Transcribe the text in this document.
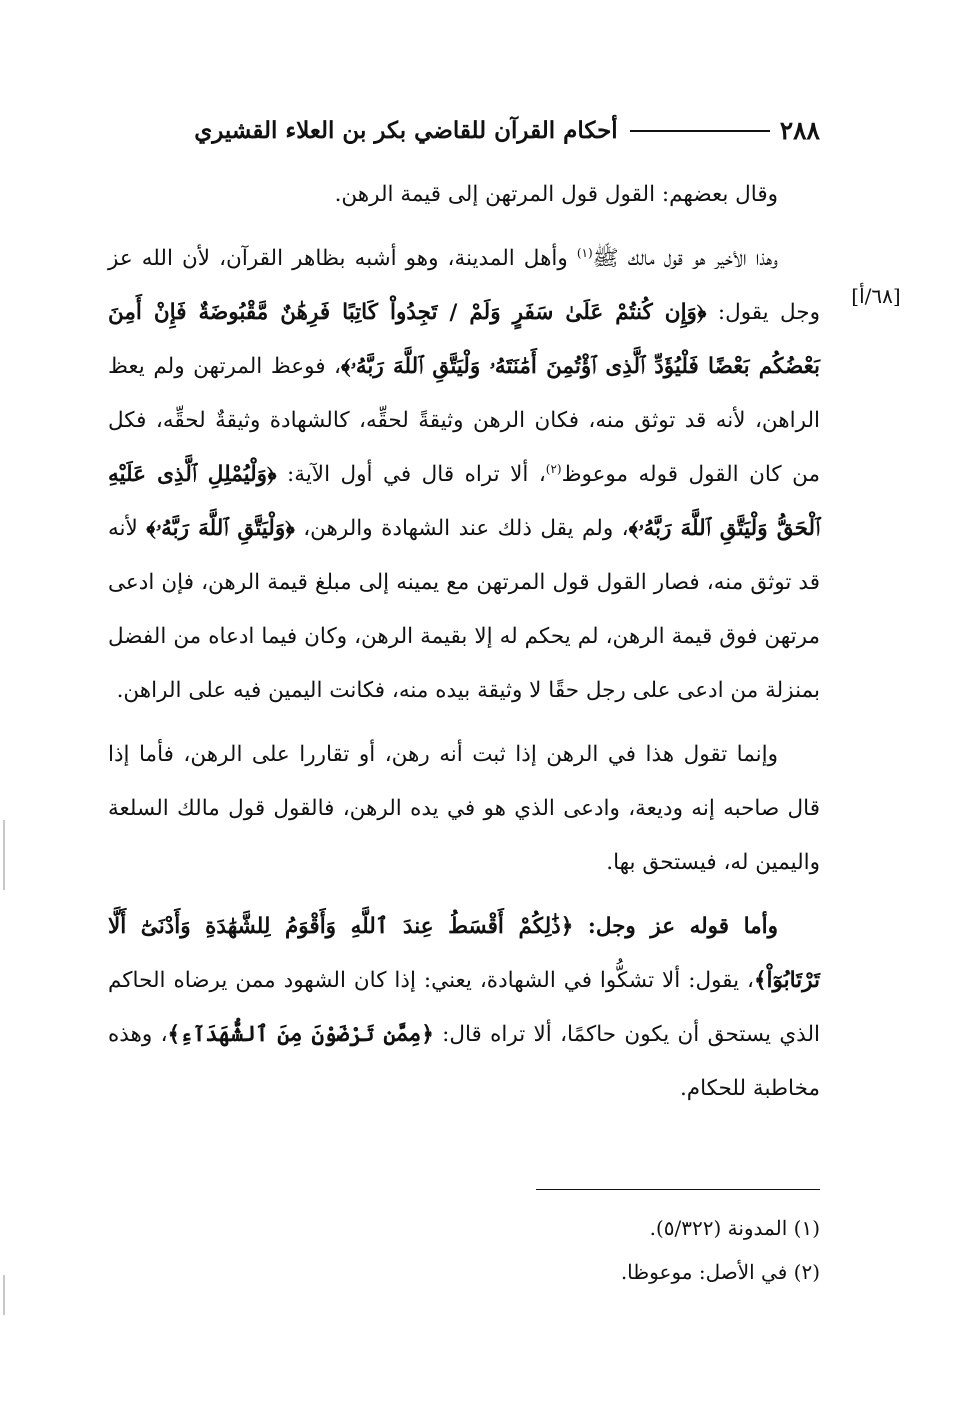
٢٨٨
أحكام القرآن للقاضي بكر بن العلاء القشيري
[٦٨/أ]

وقال بعضهم: القول قول المرتهن إلى قيمة الرهن.

وهذا الأخير هو قول مالك ﷺ$^{(١)}$ وأهل المدينة، وهو أشبه بظاهر القرآن، لأن الله عز وجل يقول: ﴿وَإِن كُنتُمْ عَلَىٰ سَفَرٍ وَلَمْ / تَجِدُواْ كَاتِبًا فَرِهَٰنٌ مَّقْبُوضَةٌ فَإِنْ أَمِنَ بَعْضُكُم بَعْضًا فَلْيُؤَدِّ ٱلَّذِى ٱؤْتُمِنَ أَمَٰنَتَهُۥ وَلْيَتَّقِ ٱللَّهَ رَبَّهُۥ﴾، فوعظ المرتهن ولم يعظ الراهن، لأنه قد توثق منه، فكان الرهن وثيقةً لحقِّه، كالشهادة وثيقةٌ لحقِّه، فكل من كان القول قوله موعوظ$^{(٢)}$، ألا تراه قال في أول الآية: ﴿وَلْيُمْلِلِ ٱلَّذِى عَلَيْهِ ٱلْحَقُّ وَلْيَتَّقِ ٱللَّهَ رَبَّهُۥ﴾، ولم يقل ذلك عند الشهادة والرهن، ﴿وَلْيَتَّقِ ٱللَّهَ رَبَّهُۥ﴾ لأنه قد توثق منه، فصار القول قول المرتهن مع يمينه إلى مبلغ قيمة الرهن، فإن ادعى مرتهن فوق قيمة الرهن، لم يحكم له إلا بقيمة الرهن، وكان فيما ادعاه من الفضل بمنزلة من ادعى على رجل حقًا لا وثيقة بيده منه، فكانت اليمين فيه على الراهن.

وإنما تقول هذا في الرهن إذا ثبت أنه رهن، أو تقاررا على الرهن، فأما إذا قال صاحبه إنه وديعة، وادعى الذي هو في يده الرهن، فالقول قول مالك السلعة واليمين له، فيستحق بها.

وأما قوله عز وجل: ﴿ذَٰلِكُمْ أَقْسَطُ عِندَ ٱللَّهِ وَأَقْوَمُ لِلشَّهَٰدَةِ وَأَدْنَىٰٓ أَلَّا تَرْتَابُوٓاْ﴾، يقول: ألا تشكُّوا في الشهادة، يعني: إذا كان الشهود ممن يرضاه الحاكم الذي يستحق أن يكون حاكمًا، ألا تراه قال: ﴿مِمَّن تَرْضَوْنَ مِنَ ٱلشُّهَدَآءِ﴾، وهذه مخاطبة للحكام.

(١) المدونة (٥/٣٢٢).

(٢) في الأصل: موعوظا.
